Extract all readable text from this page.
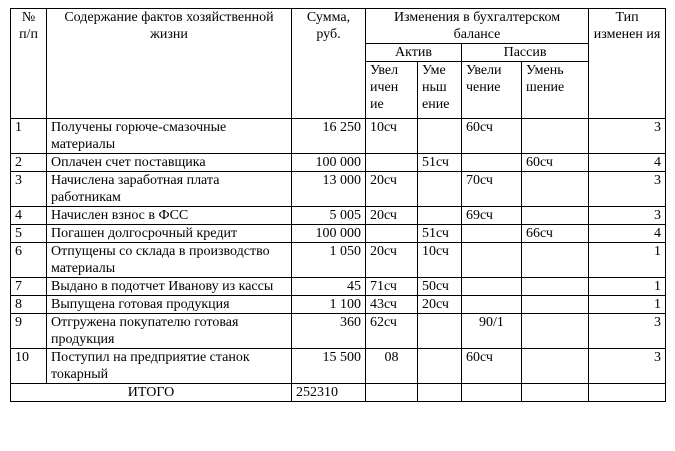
№ п/п	Содержание фактов хозяйственной жизни	Сумма, руб.	Изменения в бухгалтерском балансе				Тип изменен ия
			Актив		Пассив		
			Увел ичен ие	Уме ньш ение	Увели чение	Умень шение	
1	Получены горюче-смазочные материалы	16 250	10сч		60сч		3
2	Оплачен счет поставщика	100 000		51сч		60сч	4
3	Начислена заработная плата работникам	13 000	20сч		70сч		3
4	Начислен взнос в ФСС	5 005	20сч		69сч		3
5	Погашен долгосрочный кредит	100 000		51сч		66сч	4
6	Отпущены со склада в производство материалы	1 050	20сч	10сч			1
7	Выдано в подотчет Иванову из кассы	45	71сч	50сч			1
8	Выпущена готовая продукция	1 100	43сч	20сч			1
9	Отгружена покупателю готовая продукция	360	62сч		90/1		3
10	Поступил на предприятие станок токарный	15 500	08		60сч		3
ИТОГО		252310					
